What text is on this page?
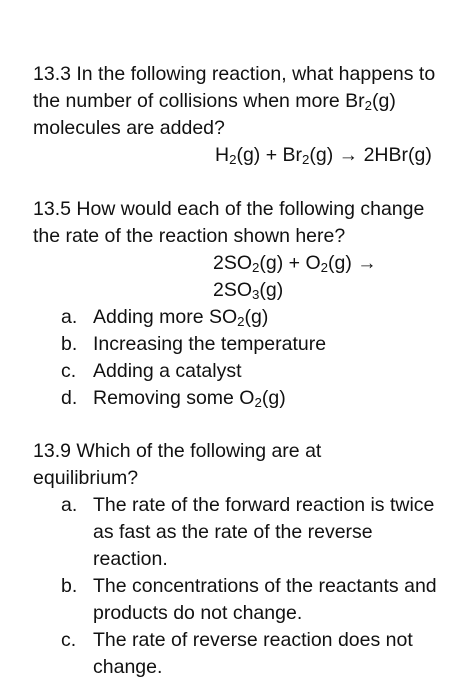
13.3 In the following reaction, what happens to the number of collisions when more $Br_2(g)$ molecules are added?

$H_2(g) + Br_2(g) \to 2HBr(g)$

13.5 How would each of the following change the rate of the reaction shown here?

$2SO_2(g) + O_2(g)$ →
$2SO_3(g)$
a. Adding more $SO_2(g)$
b. Increasing the temperature
c. Adding a catalyst
d. Removing some $O_2(g)$

13.9 Which of the following are at equilibrium?

a. The rate of the forward reaction is twice as fast as the rate of the reverse reaction.
b. The concentrations of the reactants and products do not change.
c. The rate of reverse reaction does not change.
